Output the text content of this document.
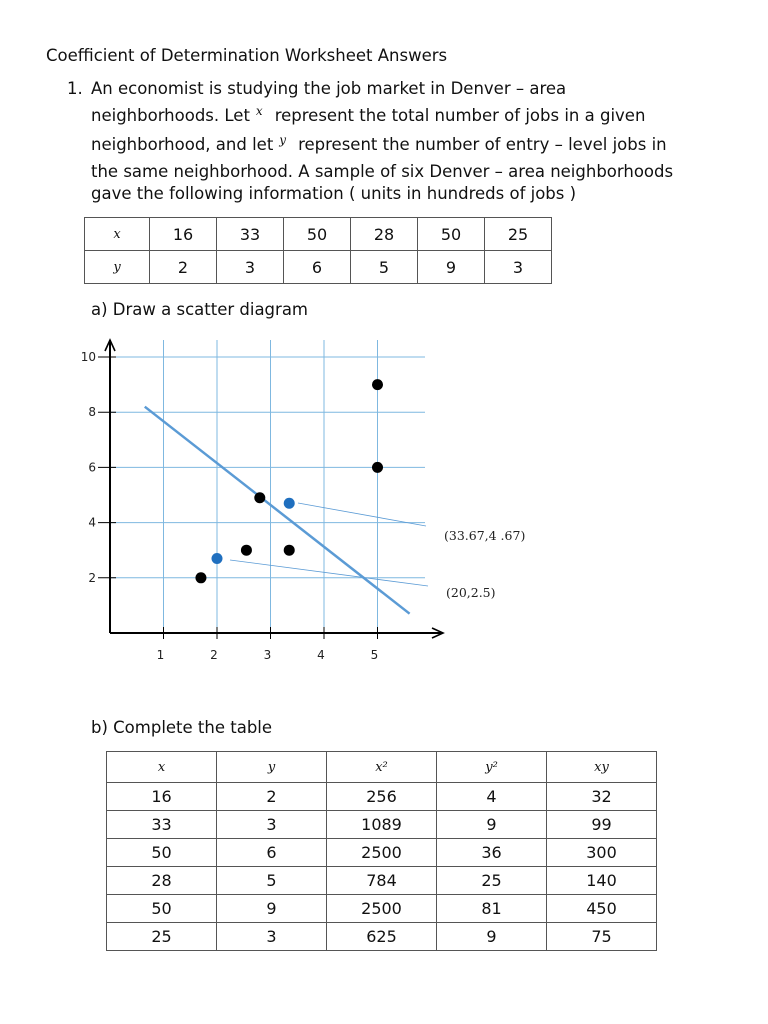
Coefficient of Determination Worksheet Answers
1. An economist is studying the job market in Denver – area
neighborhoods. Let $^x$ represent the total number of jobs in a given
neighborhood, and let $^y$ represent the number of entry – level jobs in
the same neighborhood. A sample of six Denver – area neighborhoods
gave the following information ( units in hundreds of jobs )
x	16	33	50	28	50	25
y	2	3	6	5	9	3
a) Draw a scatter diagram
1	2	3	4	5
2
4
6
8
10
(33.67,4 .67)
(20,2.5)
b) Complete the table
x	y	x²	y²	xy
16	2	256	4	32
33	3	1089	9	99
50	6	2500	36	300
28	5	784	25	140
50	9	2500	81	450
25	3	625	9	75
